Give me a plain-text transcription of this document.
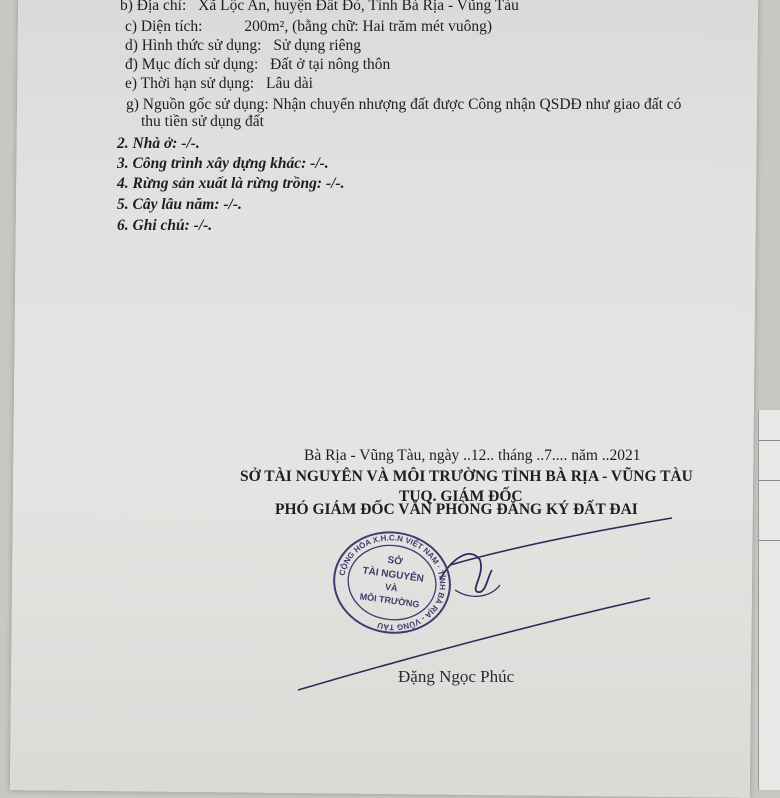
b) Địa chỉ: Xã Lộc An, huyện Đất Đỏ, Tỉnh Bà Rịa - Vũng Tàu
c) Diện tích:	200m², (bằng chữ: Hai trăm mét vuông)
d) Hình thức sử dụng: Sử dụng riêng
đ) Mục đích sử dụng: Đất ở tại nông thôn
e) Thời hạn sử dụng: Lâu dài
g) Nguồn gốc sử dụng: Nhận chuyển nhượng đất được Công nhận QSDĐ như giao đất có
thu tiền sử dụng đất
2. Nhà ở: -/-.
3. Công trình xây dựng khác: -/-.
4. Rừng sản xuất là rừng trồng: -/-.
5. Cây lâu năm: -/-.
6. Ghi chú: -/-.
Bà Rịa - Vũng Tàu, ngày ..12.. tháng ..7.... năm ..2021
SỞ TÀI NGUYÊN VÀ MÔI TRƯỜNG TỈNH BÀ RỊA - VŨNG TÀU
TUQ. GIÁM ĐỐC
PHÓ GIÁM ĐỐC VĂN PHÒNG ĐĂNG KÝ ĐẤT ĐAI
CỘNG HÒA X.H.C.N VIỆT NAM · TỈNH BÀ RỊA - VŨNG TÀU
SỞ
TÀI NGUYÊN
VÀ
MÔI TRƯỜNG
Đặng Ngọc Phúc
